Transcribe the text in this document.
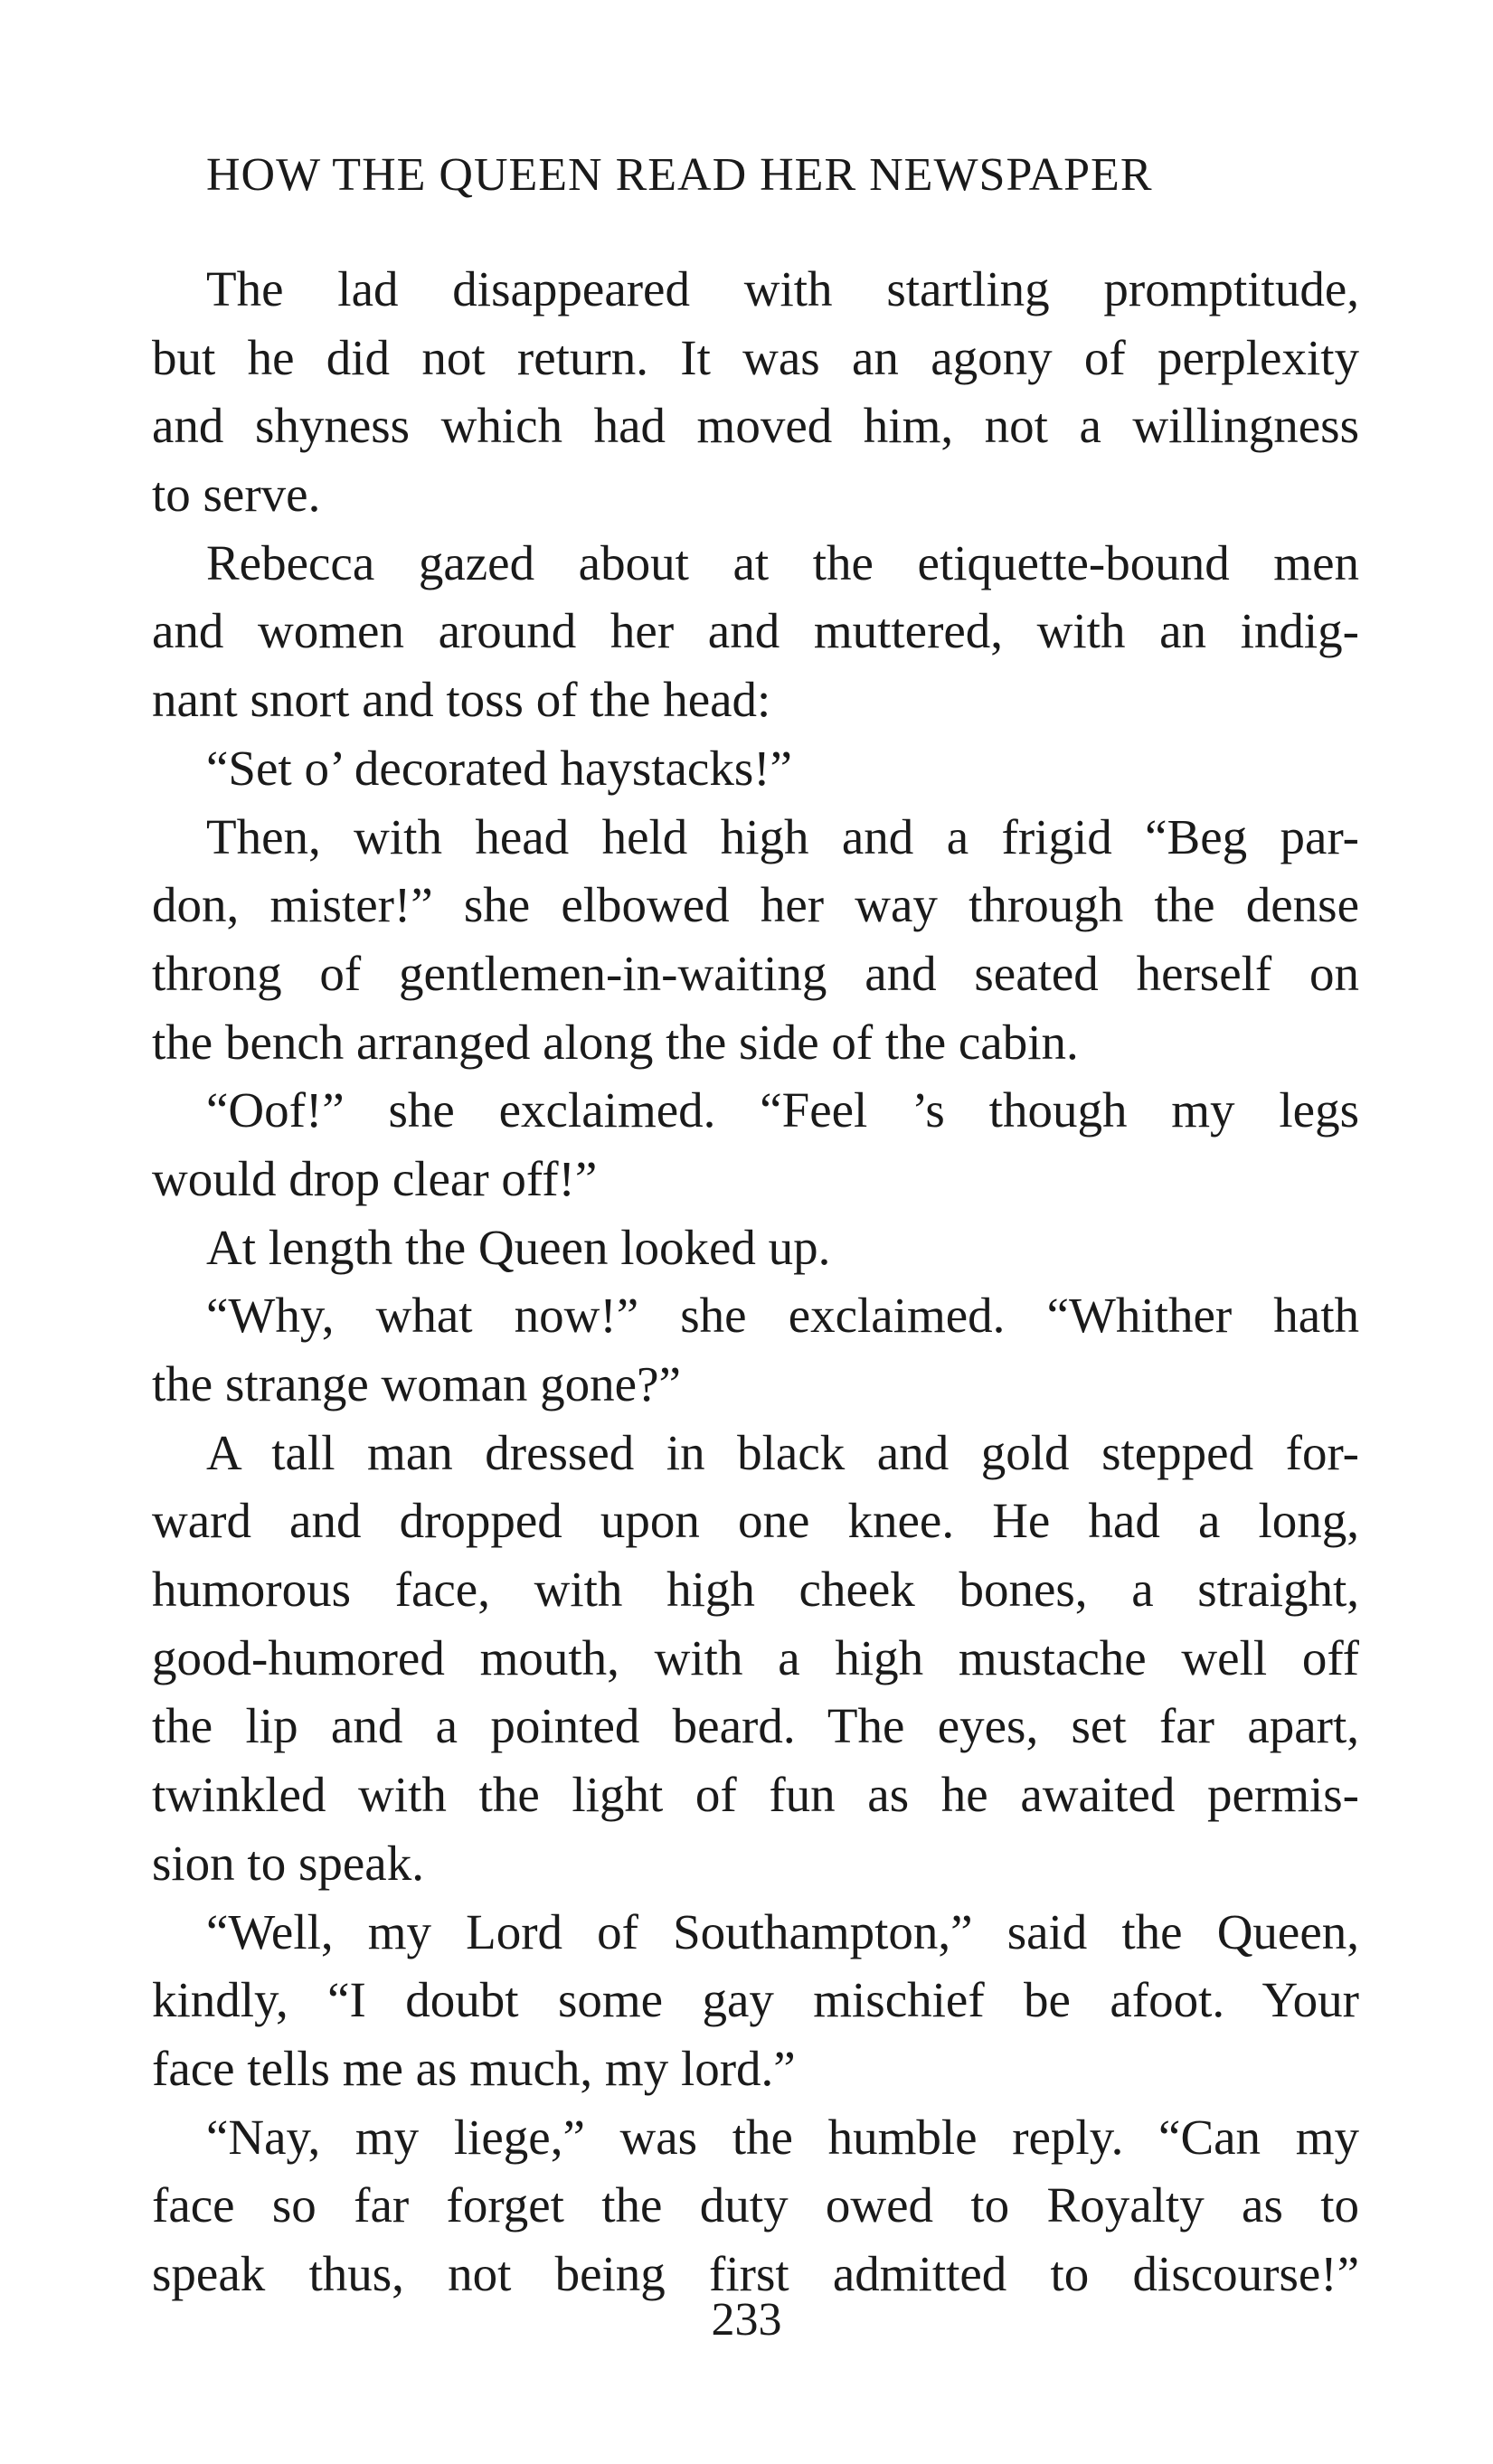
HOW THE QUEEN READ HER NEWSPAPER
The lad disappeared with startling promptitude,
but he did not return. It was an agony of perplexity
and shyness which had moved him, not a willingness
to serve.
Rebecca gazed about at the etiquette-bound men
and women around her and muttered, with an indig-
nant snort and toss of the head:
“Set o’ decorated haystacks!”
Then, with head held high and a frigid “Beg par-
don, mister!” she elbowed her way through the dense
throng of gentlemen-in-waiting and seated herself on
the bench arranged along the side of the cabin.
“Oof!” she exclaimed. “Feel ’s though my legs
would drop clear off!”
At length the Queen looked up.
“Why, what now!” she exclaimed. “Whither hath
the strange woman gone?”
A tall man dressed in black and gold stepped for-
ward and dropped upon one knee. He had a long,
humorous face, with high cheek bones, a straight,
good-humored mouth, with a high mustache well off
the lip and a pointed beard. The eyes, set far apart,
twinkled with the light of fun as he awaited permis-
sion to speak.
“Well, my Lord of Southampton,” said the Queen,
kindly, “I doubt some gay mischief be afoot. Your
face tells me as much, my lord.”
“Nay, my liege,” was the humble reply. “Can my
face so far forget the duty owed to Royalty as to
speak thus, not being first admitted to discourse!”
233
